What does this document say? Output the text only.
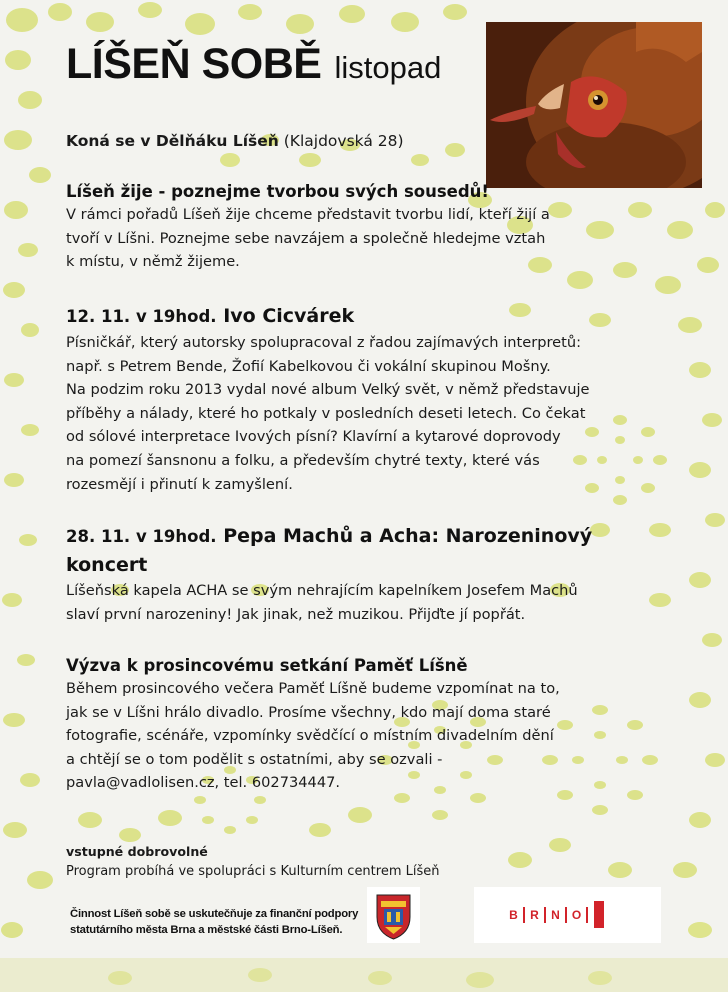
LÍŠEŇ SOBĚ listopad
Koná se v Dělňáku Líšeň (Klajdovská 28)
Líšeň žije - poznejme tvorbou svých sousedů!

V rámci pořadů Líšeň žije chceme představit tvorbu lidí, kteří žijí a

tvoří v Líšni. Poznejme sebe navzájem a společně hledejme vztah

k místu, v němž žijeme.

12. 11. v 19hod. Ivo Cicvárek

Písničkář, který autorsky spolupracoval z řadou zajímavých interpretů:

např. s Petrem Bende, Žofií Kabelkovou či vokální skupinou Mošny.

Na podzim roku 2013 vydal nové album Velký svět, v němž představuje

příběhy a nálady, které ho potkaly v posledních deseti letech. Co čekat

od sólové interpretace Ivových písní? Klavírní a kytarové doprovody

na pomezí šansnonu a folku, a především chytré texty, které vás

rozesmějí i přinutí k zamyšlení.

28. 11. v 19hod. Pepa Machů a Acha: Narozeninový
koncert

Líšeňská kapela ACHA se svým nehrajícím kapelníkem Josefem Machů

slaví první narozeniny! Jak jinak, než muzikou. Přijďte jí popřát.

Výzva k prosincovému setkání Paměť Líšně

Během prosincového večera Paměť Líšně budeme vzpomínat na to,

jak se v Líšni hrálo divadlo. Prosíme všechny, kdo mají doma staré

fotografie, scénáře, vzpomínky svědčící o místním divadelním dění

a chtějí se o tom podělit s ostatními, aby se ozvali -

pavla@vadlolisen.cz, tel. 602734447.

vstupné dobrovolné
Program probíhá ve spolupráci s Kulturním centrem Líšeň
Činnost Líšeň sobě se uskutečňuje za finanční podpory
statutárního města Brna a městské části Brno-Líšeň.
B	R	N	O
